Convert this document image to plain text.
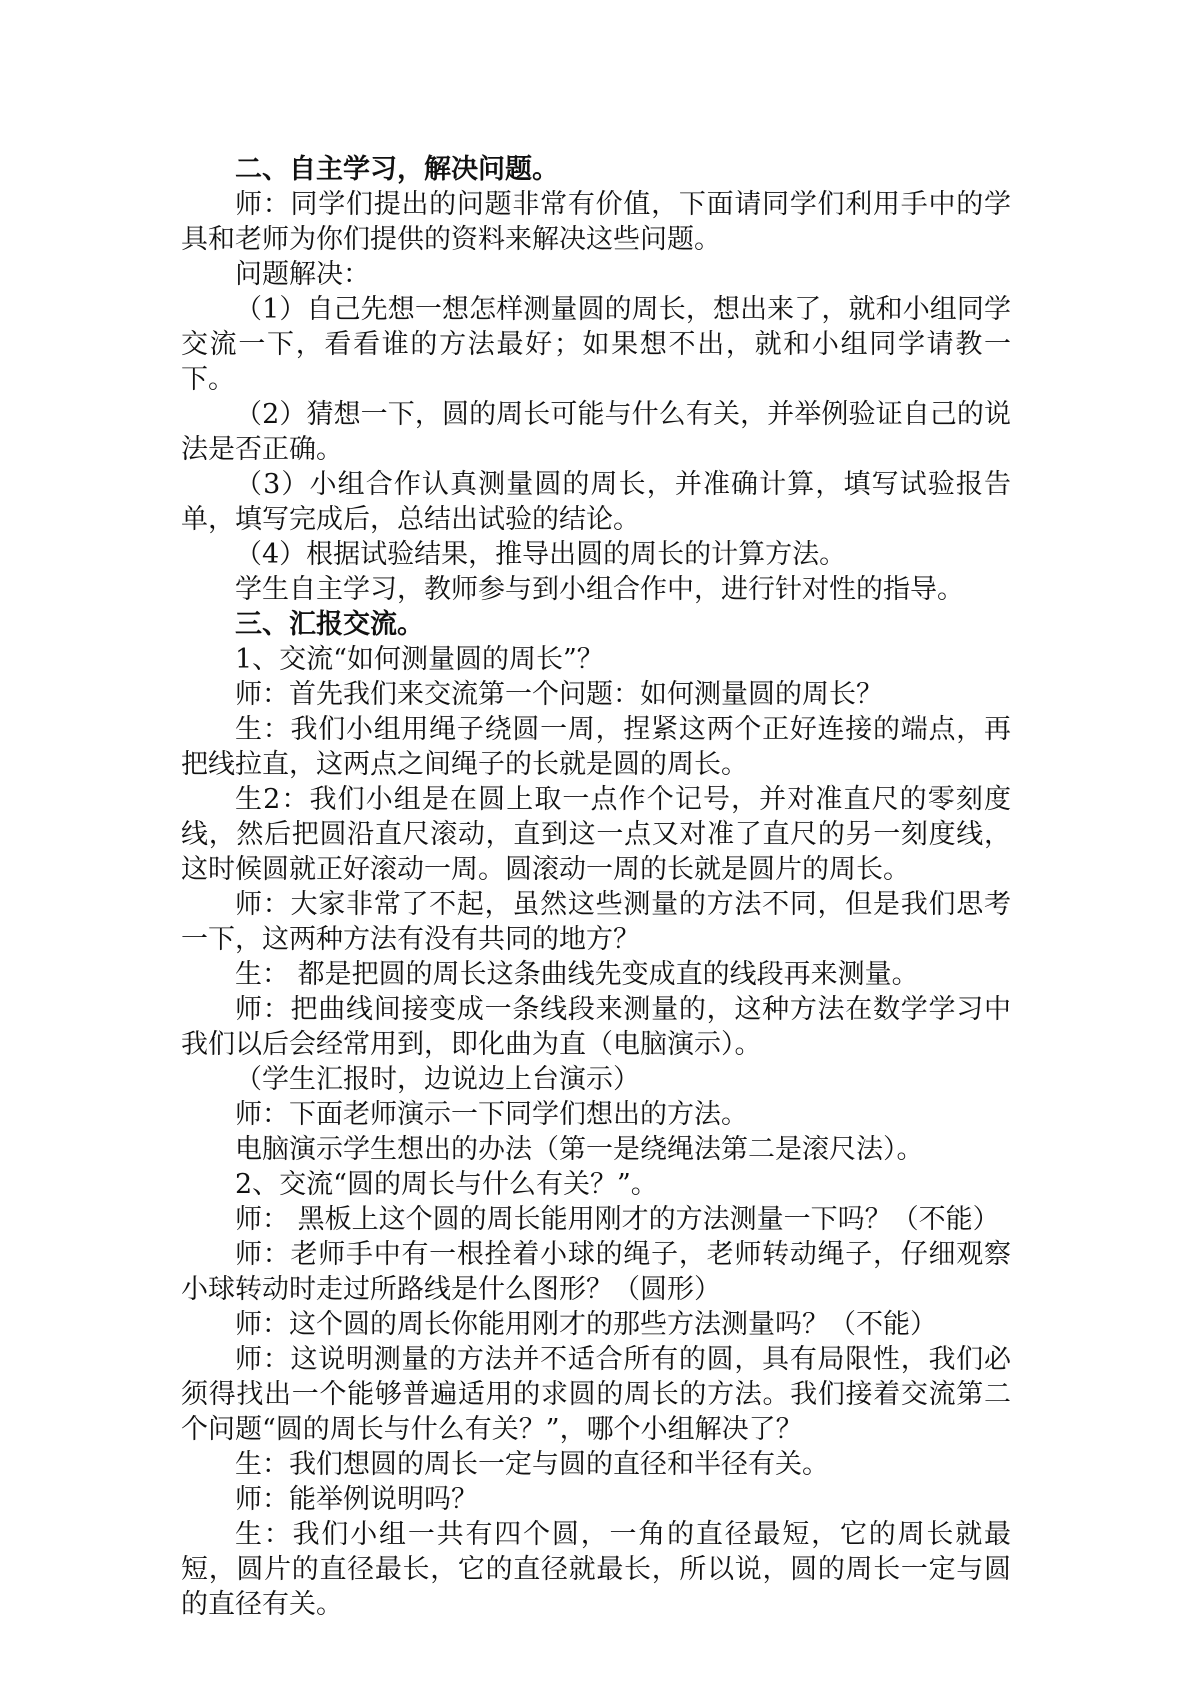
二、自主学习，解决问题。

师：同学们提出的问题非常有价值，下面请同学们利用手中的学具和老师为你们提供的资料来解决这些问题。

问题解决：

（1）自己先想一想怎样测量圆的周长，想出来了，就和小组同学交流一下，看看谁的方法最好；如果想不出，就和小组同学请教一下。

（2）猜想一下，圆的周长可能与什么有关，并举例验证自己的说法是否正确。

（3）小组合作认真测量圆的周长，并准确计算，填写试验报告单，填写完成后，总结出试验的结论。

（4）根据试验结果，推导出圆的周长的计算方法。

学生自主学习，教师参与到小组合作中，进行针对性的指导。

三、汇报交流。

1、交流“如何测量圆的周长”？

师：首先我们来交流第一个问题：如何测量圆的周长？

生：我们小组用绳子绕圆一周，捏紧这两个正好连接的端点，再把线拉直，这两点之间绳子的长就是圆的周长。

生2：我们小组是在圆上取一点作个记号，并对准直尺的零刻度线，然后把圆沿直尺滚动，直到这一点又对准了直尺的另一刻度线，这时候圆就正好滚动一周。圆滚动一周的长就是圆片的周长。

师：大家非常了不起，虽然这些测量的方法不同，但是我们思考一下，这两种方法有没有共同的地方？

生： 都是把圆的周长这条曲线先变成直的线段再来测量。

师：把曲线间接变成一条线段来测量的，这种方法在数学学习中我们以后会经常用到，即化曲为直（电脑演示）。

（学生汇报时，边说边上台演示）

师：下面老师演示一下同学们想出的方法。

电脑演示学生想出的办法（第一是绕绳法第二是滚尺法）。

2、交流“圆的周长与什么有关？”。

师： 黑板上这个圆的周长能用刚才的方法测量一下吗？（不能）

师：老师手中有一根拴着小球的绳子，老师转动绳子，仔细观察小球转动时走过所路线是什么图形？（圆形）

师：这个圆的周长你能用刚才的那些方法测量吗？（不能）

师：这说明测量的方法并不适合所有的圆，具有局限性，我们必须得找出一个能够普遍适用的求圆的周长的方法。我们接着交流第二个问题“圆的周长与什么有关？”，哪个小组解决了？

生：我们想圆的周长一定与圆的直径和半径有关。

师：能举例说明吗？

生：我们小组一共有四个圆，一角的直径最短，它的周长就最短，圆片的直径最长，它的直径就最长，所以说，圆的周长一定与圆的直径有关。
